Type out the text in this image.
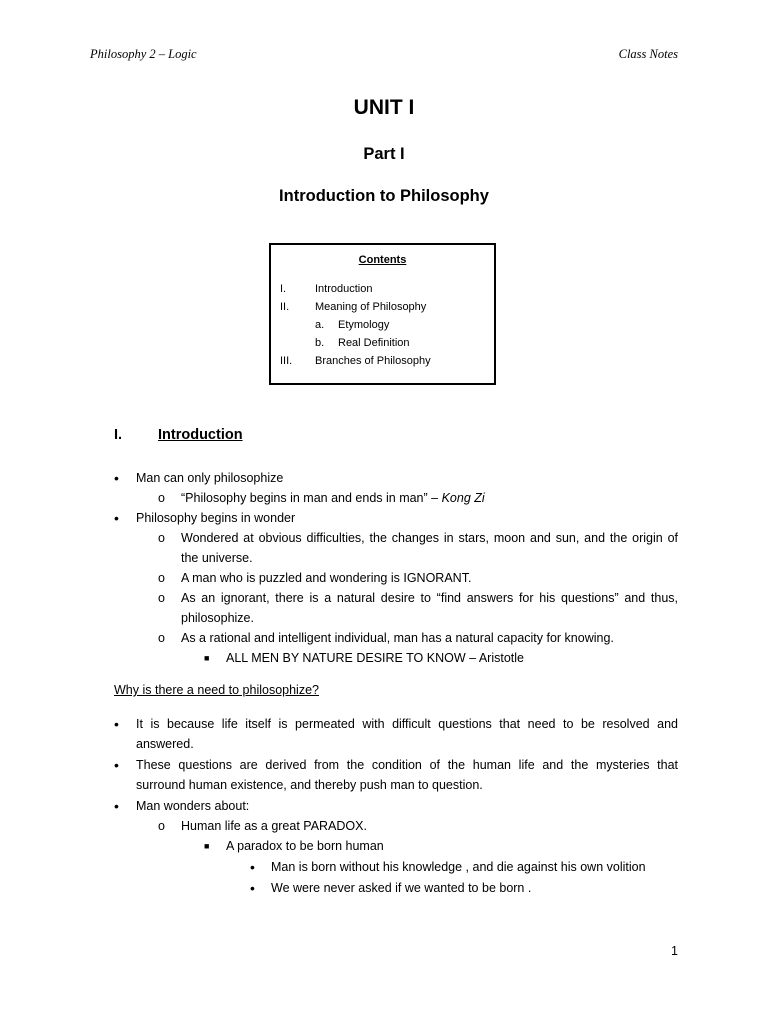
Philosophy 2 – Logic	Class Notes
UNIT I
Part I
Introduction to Philosophy
Contents
I.	Introduction
II. Meaning of Philosophy
a. Etymology
b. Real Definition
III. Branches of Philosophy
I. Introduction
• Man can only philosophize
o “Philosophy begins in man and ends in man” – Kong Zi
• Philosophy begins in wonder
o Wondered at obvious difficulties, the changes in stars, moon and sun, and the origin of
the universe.
o A man who is puzzled and wondering is IGNORANT.
o As an ignorant, there is a natural desire to “find answers for his questions” and thus,
philosophize.
o As a rational and intelligent individual, man has a natural capacity for knowing.
■ ALL MEN BY NATURE DESIRE TO KNOW – Aristotle
Why is there a need to philosophize?
• It is because life itself is permeated with difficult questions that need to be resolved and
answered.
• These questions are derived from the condition of the human life and the mysteries that
surround human existence, and thereby push man to question.
• Man wonders about:
o Human life as a great PARADOX.
■ A paradox to be born human
• Man is born without his knowledge , and die against his own volition
• We were never asked if we wanted to be born .
1
